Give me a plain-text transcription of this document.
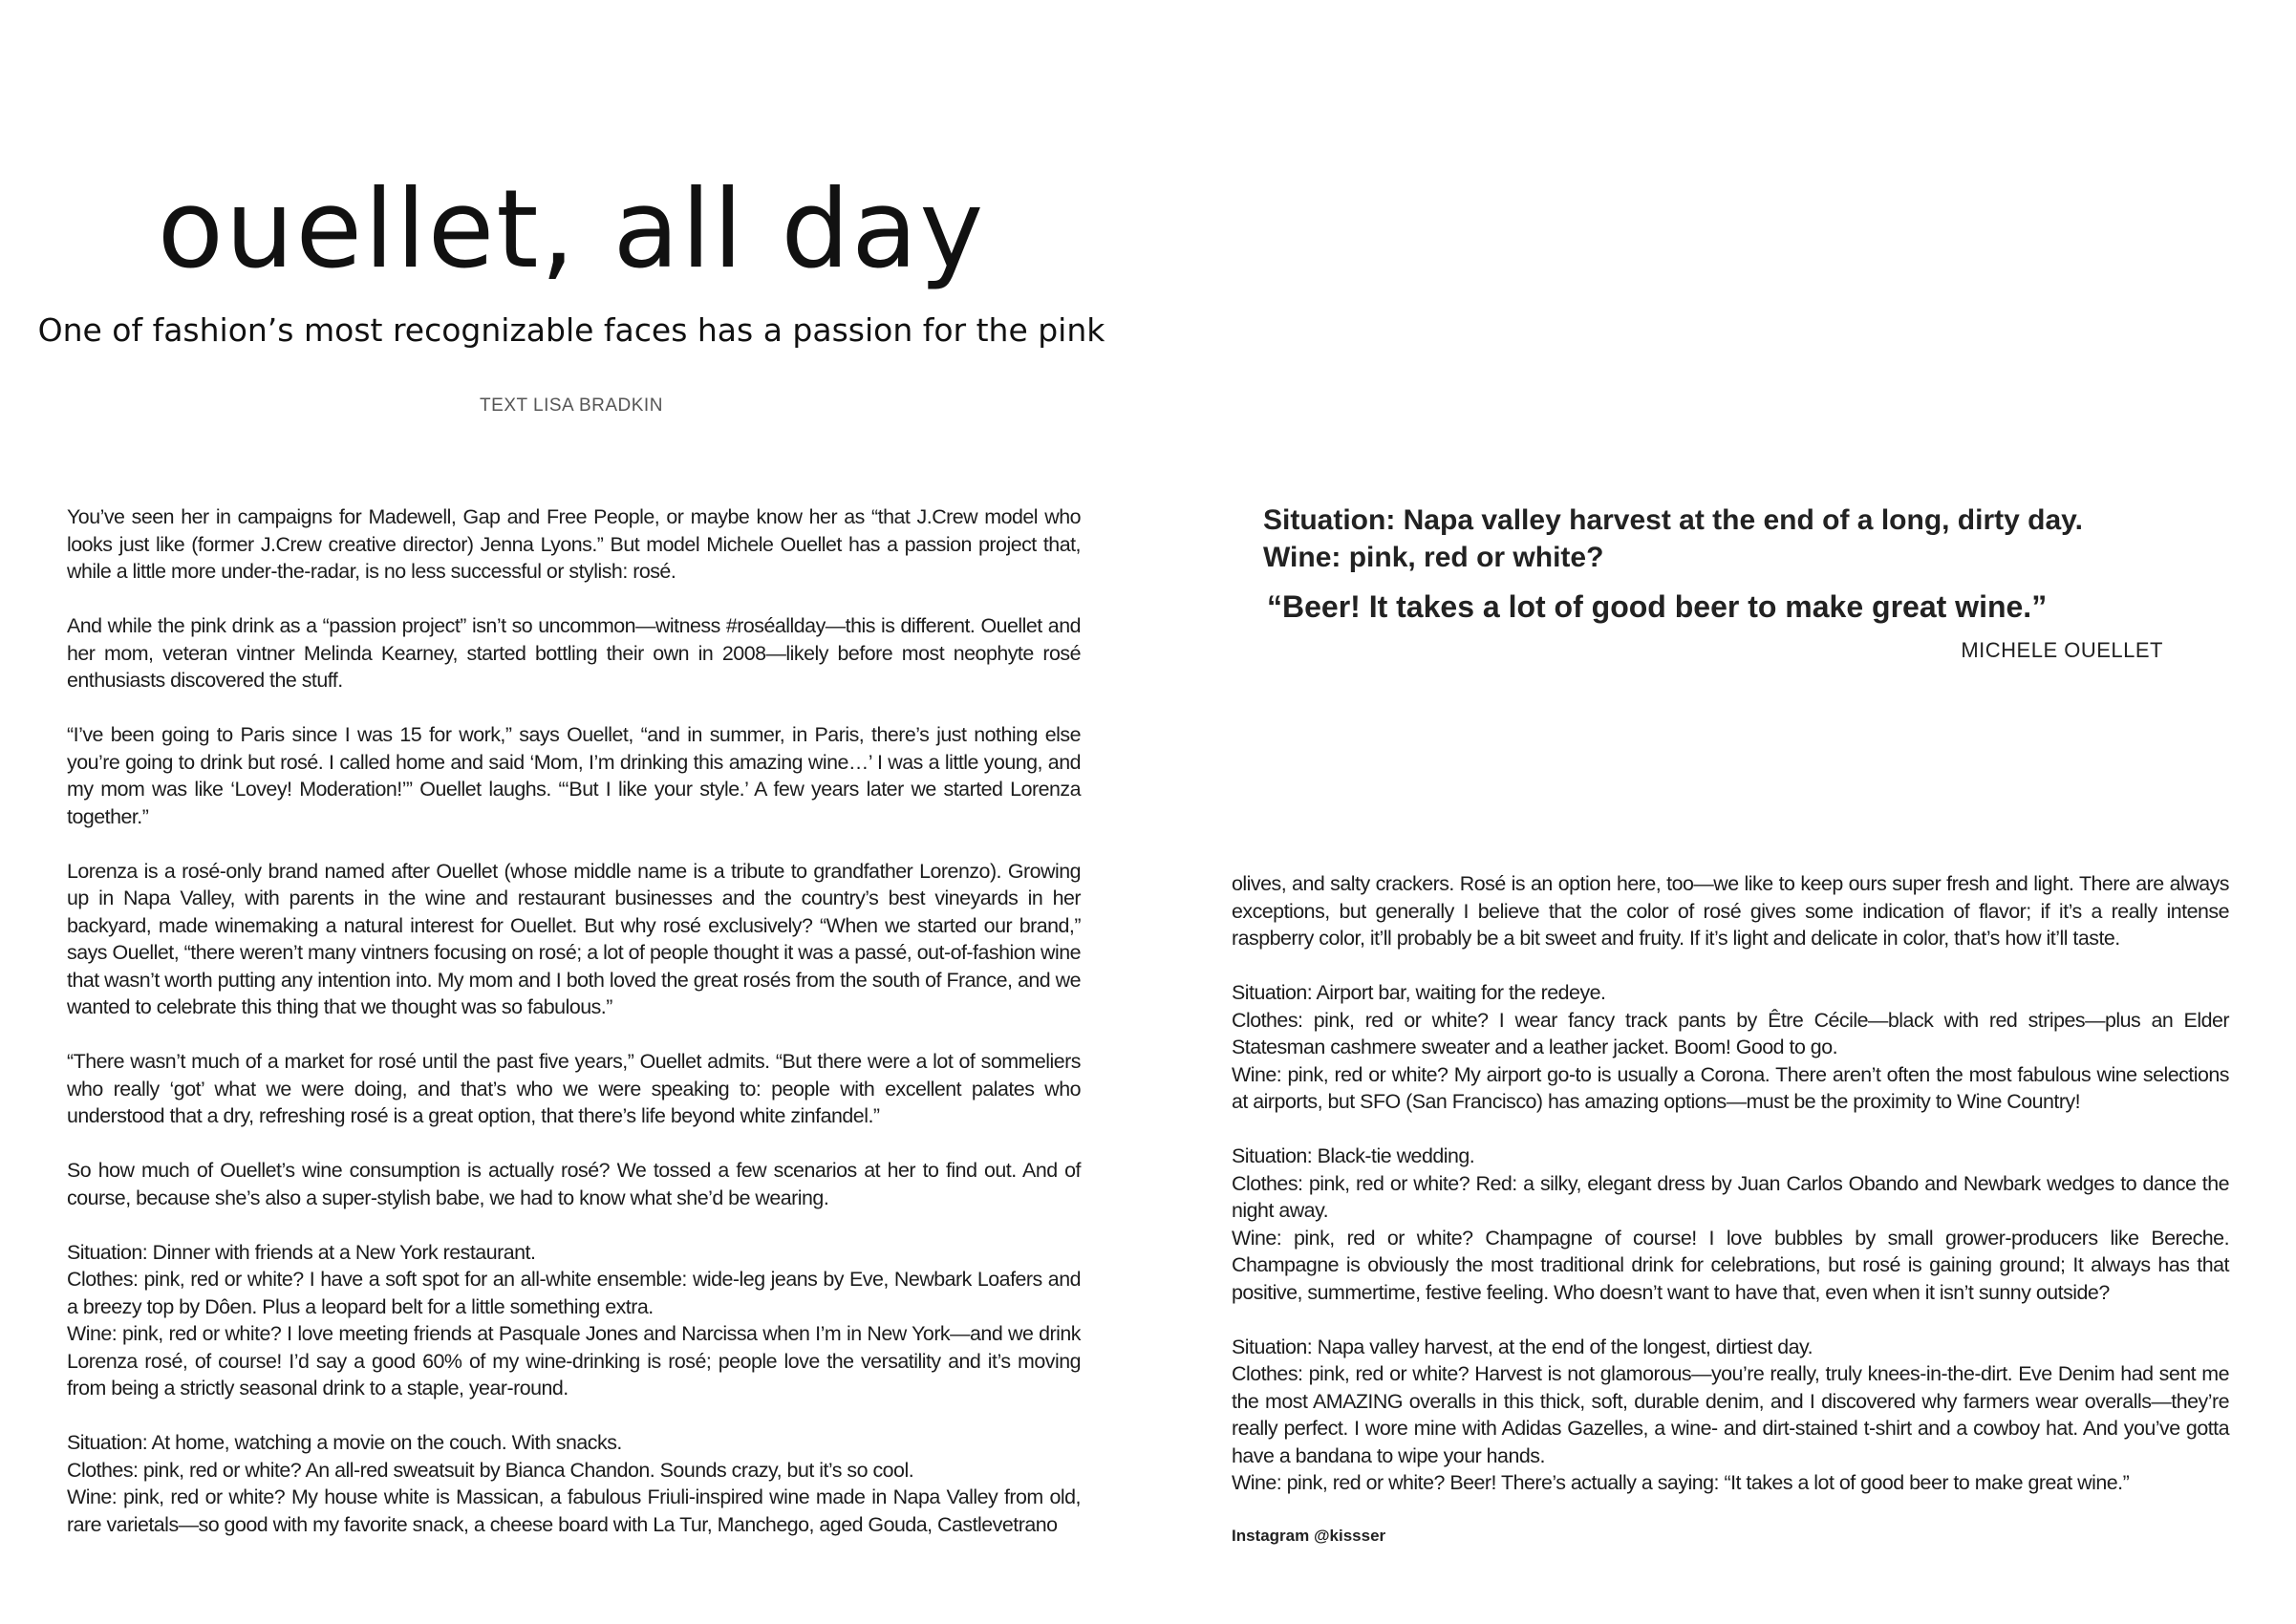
ouellet, all day
One of fashion’s most recognizable faces has a passion for the pink

TEXT LISA BRADKIN

You’ve seen her in campaigns for Madewell, Gap and Free People, or maybe know her as “that J.Crew model who looks just like (former J.Crew creative director) Jenna Lyons.” But model Michele Ouellet has a passion project that, while a little more under-the-radar, is no less successful or stylish: rosé.

And while the pink drink as a “passion project” isn’t so uncommon—witness #roséallday—this is different. Ouellet and her mom, veteran vintner Melinda Kearney, started bottling their own in 2008—likely before most neophyte rosé enthusiasts discovered the stuff.

“I’ve been going to Paris since I was 15 for work,” says Ouellet, “and in summer, in Paris, there’s just nothing else you’re going to drink but rosé. I called home and said ‘Mom, I’m drinking this amazing wine…’ I was a little young, and my mom was like ‘Lovey! Moderation!’” Ouellet laughs. “‘But I like your style.’ A few years later we started Lorenza together.”

Lorenza is a rosé-only brand named after Ouellet (whose middle name is a tribute to grandfather Lorenzo). Growing up in Napa Valley, with parents in the wine and restaurant businesses and the country’s best vineyards in her backyard, made winemaking a natural interest for Ouellet. But why rosé exclusively? “When we started our brand,” says Ouellet, “there weren’t many vintners focusing on rosé; a lot of people thought it was a passé, out-of-fashion wine that wasn’t worth putting any intention into. My mom and I both loved the great rosés from the south of France, and we wanted to celebrate this thing that we thought was so fabulous.”

“There wasn’t much of a market for rosé until the past five years,” Ouellet admits. “But there were a lot of sommeliers who really ‘got’ what we were doing, and that’s who we were speaking to: people with excellent palates who understood that a dry, refreshing rosé is a great option, that there’s life beyond white zinfandel.”

So how much of Ouellet’s wine consumption is actually rosé? We tossed a few scenarios at her to find out. And of course, because she’s also a super-stylish babe, we had to know what she’d be wearing.

Situation: Dinner with friends at a New York restaurant.

Clothes: pink, red or white? I have a soft spot for an all-white ensemble: wide-leg jeans by Eve, Newbark Loafers and a breezy top by Dôen. Plus a leopard belt for a little something extra.

Wine: pink, red or white? I love meeting friends at Pasquale Jones and Narcissa when I’m in New York—and we drink Lorenza rosé, of course! I’d say a good 60% of my wine-drinking is rosé; people love the versatility and it’s moving from being a strictly seasonal drink to a staple, year-round.

Situation: At home, watching a movie on the couch. With snacks.

Clothes: pink, red or white? An all-red sweatsuit by Bianca Chandon. Sounds crazy, but it’s so cool.

Wine: pink, red or white? My house white is Massican, a fabulous Friuli-inspired wine made in Napa Valley from old, rare varietals—so good with my favorite snack, a cheese board with La Tur, Manchego, aged Gouda, Castlevetrano

Situation: Napa valley harvest at the end of a long, dirty day.

Wine: pink, red or white?

“Beer! It takes a lot of good beer to make great wine.”

MICHELE OUELLET

olives, and salty crackers. Rosé is an option here, too—we like to keep ours super fresh and light. There are always exceptions, but generally I believe that the color of rosé gives some indication of flavor; if it’s a really intense raspberry color, it’ll probably be a bit sweet and fruity. If it’s light and delicate in color, that’s how it’ll taste.

Situation: Airport bar, waiting for the redeye.

Clothes: pink, red or white? I wear fancy track pants by Être Cécile—black with red stripes—plus an Elder Statesman cashmere sweater and a leather jacket. Boom! Good to go.

Wine: pink, red or white? My airport go-to is usually a Corona. There aren’t often the most fabulous wine selections at airports, but SFO (San Francisco) has amazing options—must be the proximity to Wine Country!

Situation: Black-tie wedding.

Clothes: pink, red or white? Red: a silky, elegant dress by Juan Carlos Obando and Newbark wedges to dance the night away.

Wine: pink, red or white? Champagne of course! I love bubbles by small grower-producers like Bereche. Champagne is obviously the most traditional drink for celebrations, but rosé is gaining ground; It always has that positive, summertime, festive feeling. Who doesn’t want to have that, even when it isn’t sunny outside?

Situation: Napa valley harvest, at the end of the longest, dirtiest day.

Clothes: pink, red or white? Harvest is not glamorous—you’re really, truly knees-in-the-dirt. Eve Denim had sent me the most AMAZING overalls in this thick, soft, durable denim, and I discovered why farmers wear overalls—they’re really perfect. I wore mine with Adidas Gazelles, a wine- and dirt-stained t-shirt and a cowboy hat. And you’ve gotta have a bandana to wipe your hands.

Wine: pink, red or white? Beer! There’s actually a saying: “It takes a lot of good beer to make great wine.”

Instagram @kissser
